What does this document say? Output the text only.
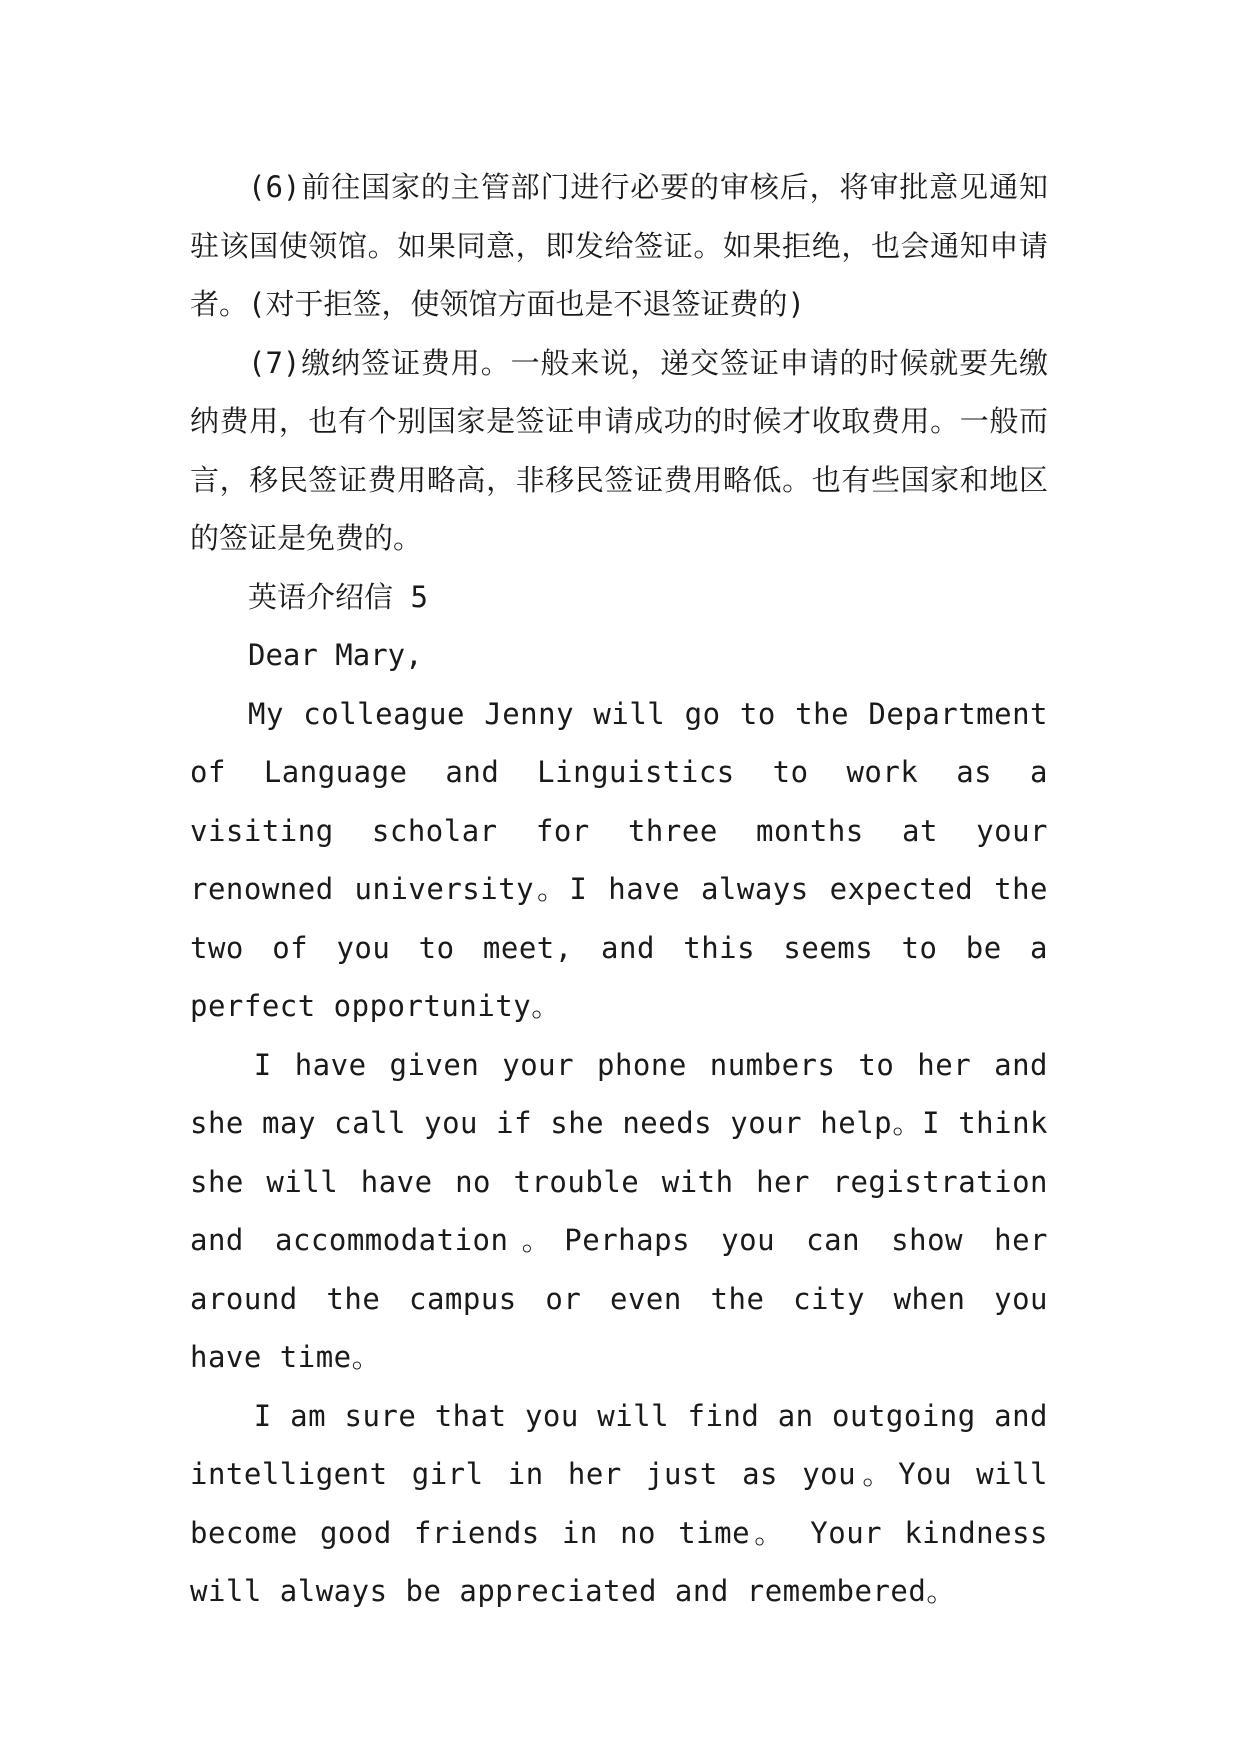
(6)前往国家的主管部门进行必要的审核后，将审批意见通知驻该国使领馆。如果同意，即发给签证。如果拒绝，也会通知申请者。(对于拒签，使领馆方面也是不退签证费的)

(7)缴纳签证费用。一般来说，递交签证申请的时候就要先缴纳费用，也有个别国家是签证申请成功的时候才收取费用。一般而言，移民签证费用略高，非移民签证费用略低。也有些国家和地区的签证是免费的。

英语介绍信 5

Dear Mary,

My colleague Jenny will go to the Department of Language and Linguistics to work as a visiting scholar for three months at your renowned university。I have always expected the two of you to meet, and this seems to be a perfect opportunity。

I have given your phone numbers to her and she may call you if she needs your help。I think she will have no trouble with her registration and accommodation。Perhaps you can show her around the campus or even the city when you have time。

I am sure that you will find an outgoing and intelligent girl in her just as you。You will become good friends in no time。 Your kindness will always be appreciated and remembered。
